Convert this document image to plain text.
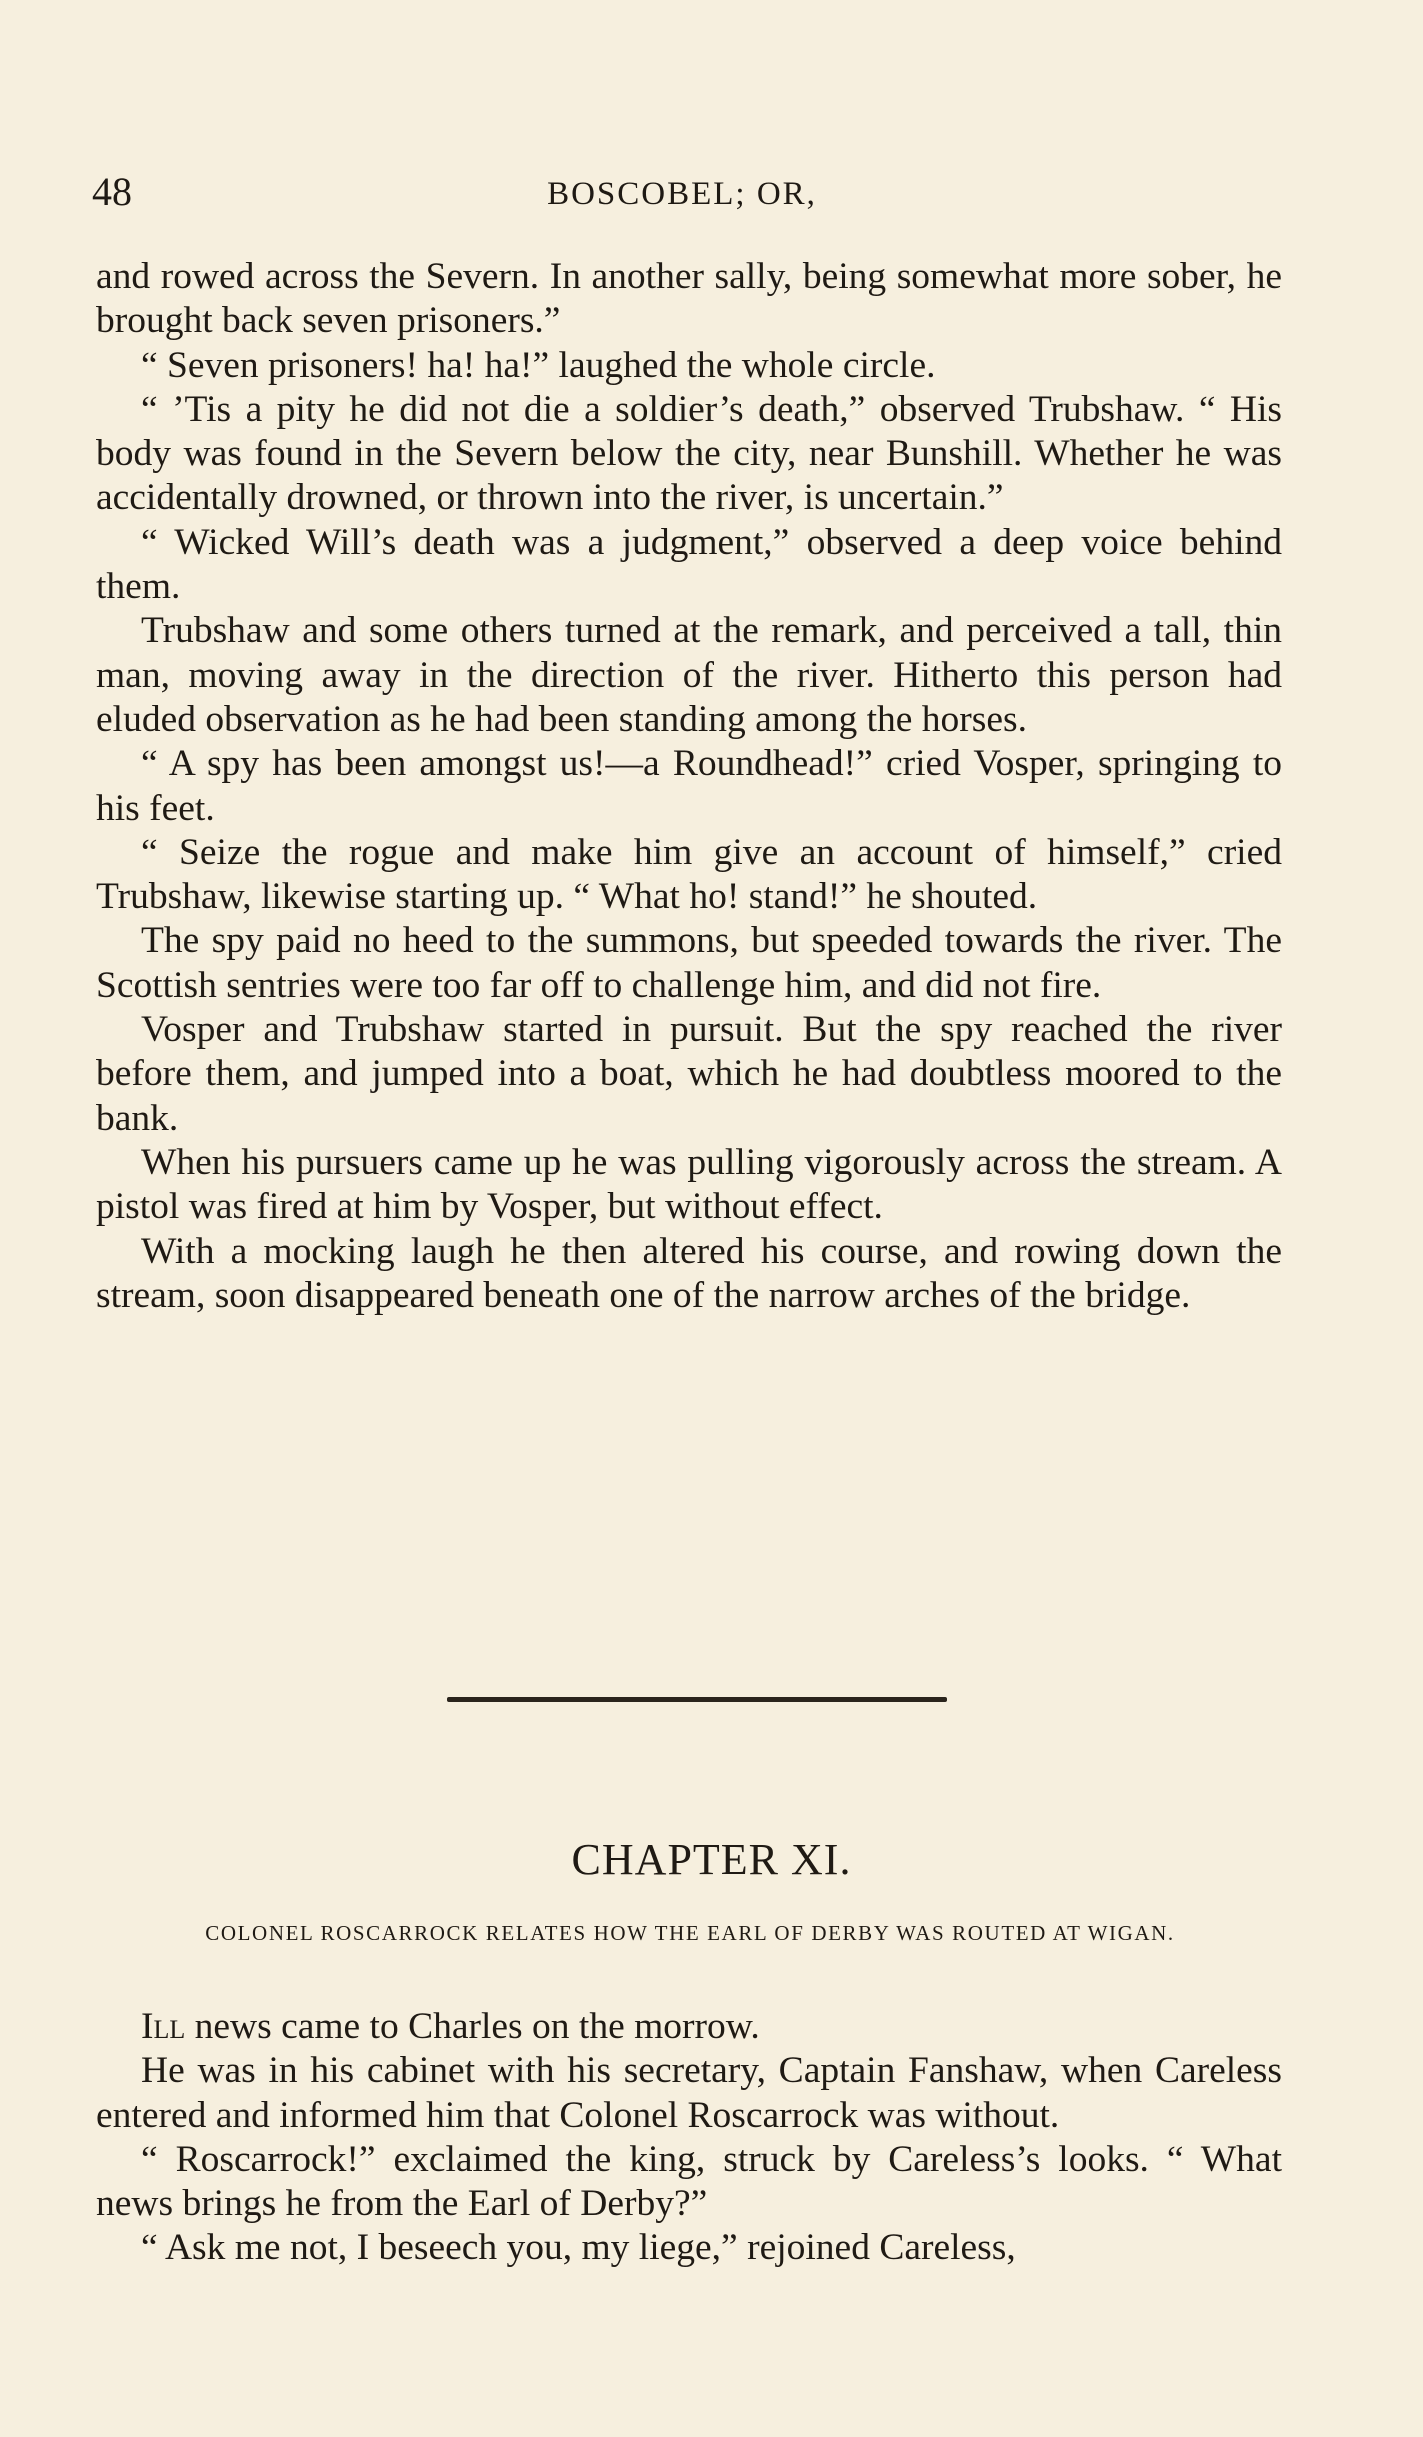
48	BOSCOBEL; OR,

and rowed across the Severn. In another sally, being somewhat more sober, he brought back seven prisoners.”

“ Seven prisoners! ha! ha!” laughed the whole circle.

“ ’Tis a pity he did not die a soldier’s death,” observed Trubshaw. “ His body was found in the Severn below the city, near Bunshill. Whether he was accidentally drowned, or thrown into the river, is uncertain.”

“ Wicked Will’s death was a judgment,” observed a deep voice behind them.

Trubshaw and some others turned at the remark, and perceived a tall, thin man, moving away in the direction of the river. Hitherto this person had eluded observation as he had been standing among the horses.

“ A spy has been amongst us!—a Roundhead!” cried Vosper, springing to his feet.

“ Seize the rogue and make him give an account of himself,” cried Trubshaw, likewise starting up. “ What ho! stand!” he shouted.

The spy paid no heed to the summons, but speeded towards the river. The Scottish sentries were too far off to challenge him, and did not fire.

Vosper and Trubshaw started in pursuit. But the spy reached the river before them, and jumped into a boat, which he had doubtless moored to the bank.

When his pursuers came up he was pulling vigorously across the stream. A pistol was fired at him by Vosper, but without effect.

With a mocking laugh he then altered his course, and rowing down the stream, soon disappeared beneath one of the narrow arches of the bridge.

CHAPTER XI.
COLONEL ROSCARROCK RELATES HOW THE EARL OF DERBY WAS ROUTED AT WIGAN.

Ill news came to Charles on the morrow.

He was in his cabinet with his secretary, Captain Fanshaw, when Careless entered and informed him that Colonel Roscarrock was without.

“ Roscarrock!” exclaimed the king, struck by Careless’s looks. “ What news brings he from the Earl of Derby?”

“ Ask me not, I beseech you, my liege,” rejoined Careless,
